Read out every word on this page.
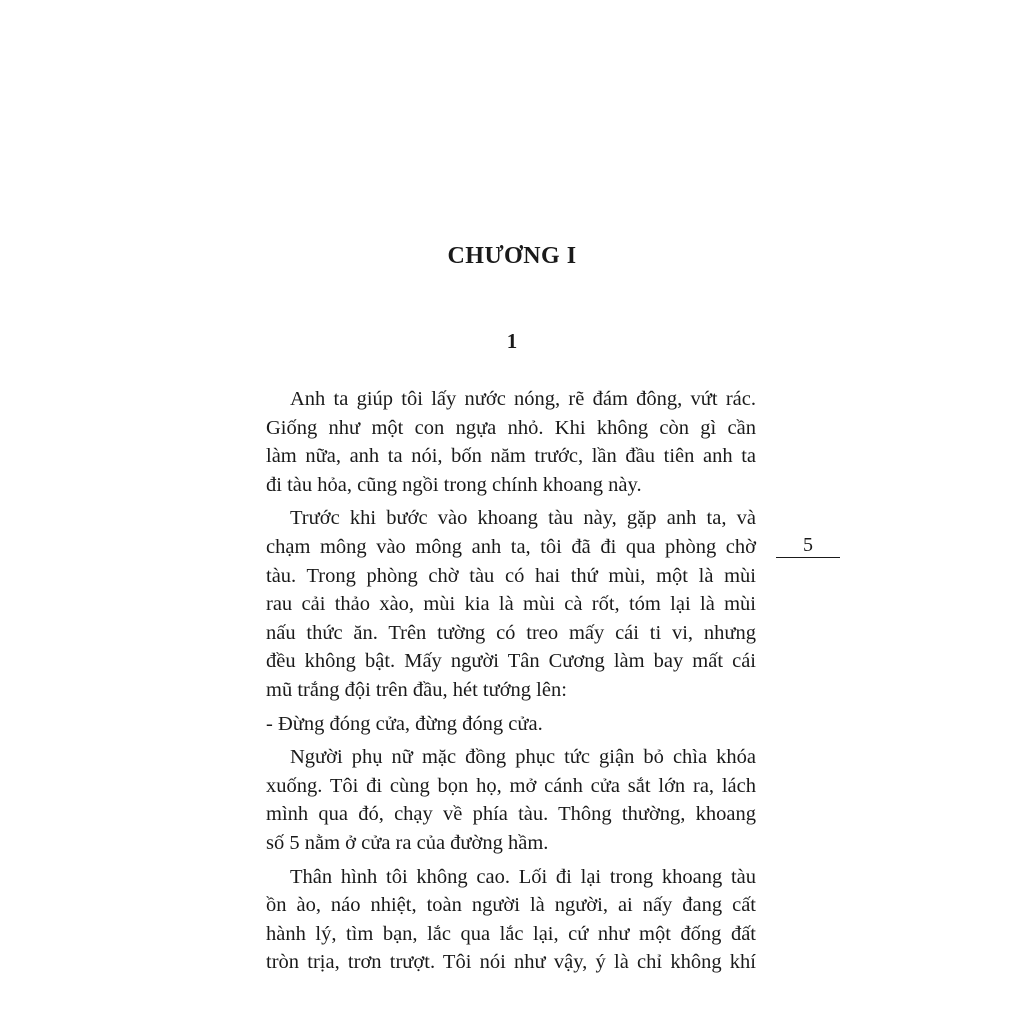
CHƯƠNG I
1
Anh ta giúp tôi lấy nước nóng, rẽ đám đông, vứt rác.
Giống như một con ngựa nhỏ. Khi không còn gì cần
làm nữa, anh ta nói, bốn năm trước, lần đầu tiên anh ta
đi tàu hỏa, cũng ngồi trong chính khoang này.
Trước khi bước vào khoang tàu này, gặp anh ta, và
chạm mông vào mông anh ta, tôi đã đi qua phòng chờ
tàu. Trong phòng chờ tàu có hai thứ mùi, một là mùi
rau cải thảo xào, mùi kia là mùi cà rốt, tóm lại là mùi
nấu thức ăn. Trên tường có treo mấy cái ti vi, nhưng
đều không bật. Mấy người Tân Cương làm bay mất cái
mũ trắng đội trên đầu, hét tướng lên:
- Đừng đóng cửa, đừng đóng cửa.
Người phụ nữ mặc đồng phục tức giận bỏ chìa khóa
xuống. Tôi đi cùng bọn họ, mở cánh cửa sắt lớn ra, lách
mình qua đó, chạy về phía tàu. Thông thường, khoang
số 5 nằm ở cửa ra của đường hầm.
Thân hình tôi không cao. Lối đi lại trong khoang tàu
ồn ào, náo nhiệt, toàn người là người, ai nấy đang cất
hành lý, tìm bạn, lắc qua lắc lại, cứ như một đống đất
tròn trịa, trơn trượt. Tôi nói như vậy, ý là chỉ không khí
5
